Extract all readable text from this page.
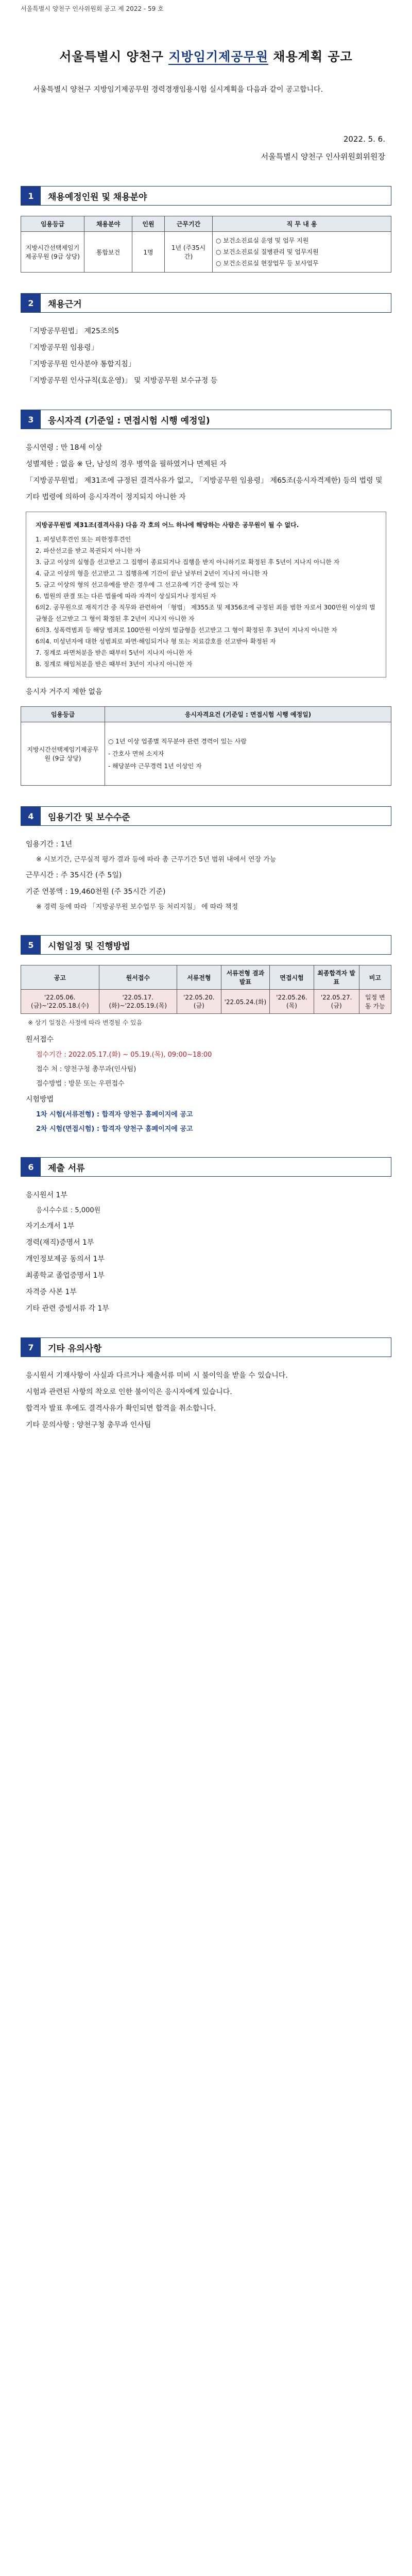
서울특별시 양천구 인사위원회 공고 제 2022 - 59 호
서울특별시 양천구 지방임기제공무원 채용계획 공고
서울특별시 양천구 지방임기제공무원 경력경쟁임용시험 실시계획을 다음과 같이 공고합니다.
2022. 5. 6.
서울특별시 양천구 인사위원회위원장
1	채용예정인원 및 채용분야
임용등급	채용분야	인원	근무기간	직 무 내 용
지방시간선택제임기제공무원 (9급 상당)	통합보건	1명	1년 (주35시간)	○ 보건소진료실 운영 및 업무 지원
○ 보건소진료실 질병관리 및 업무지원
○ 보건소진료실 현장업무 등 보사업무
2	채용근거
「지방공무원법」 제25조의5
「지방공무원 임용령」
「지방공무원 인사분야 통합지침」
「지방공무원 인사규칙(호운영)」 및 지방공무원 보수규정 등
3	응시자격 (기준일 : 면접시험 시행 예정일)
응시연령 : 만 18세 이상
성별제한 : 없음 ※ 단, 남성의 경우 병역을 필하였거나 면제된 자
「지방공무원법」 제31조에 규정된 결격사유가 없고, 「지방공무원 임용령」 제65조(응시자격제한) 등의 법령 및 기타 법령에 의하여 응시자격이 정지되지 아니한 자
지방공무원법 제31조(결격사유) 다음 각 호의 어느 하나에 해당하는 사람은 공무원이 될 수 없다.
1. 피성년후견인 또는 피한정후견인
2. 파산선고를 받고 복권되지 아니한 자
3. 금고 이상의 실형을 선고받고 그 집행이 종료되거나 집행을 받지 아니하기로 확정된 후 5년이 지나지 아니한 자
4. 금고 이상의 형을 선고받고 그 집행유예 기간이 끝난 날부터 2년이 지나지 아니한 자
5. 금고 이상의 형의 선고유예를 받은 경우에 그 선고유예 기간 중에 있는 자
6. 법원의 판결 또는 다른 법률에 따라 자격이 상실되거나 정지된 자
6의2. 공무원으로 재직기간 중 직무와 관련하여 「형법」 제355조 및 제356조에 규정된 죄를 범한 자로서 300만원 이상의 벌금형을 선고받고 그 형이 확정된 후 2년이 지나지 아니한 자
6의3. 성폭력범죄 등 해당 범죄로 100만원 이상의 벌금형을 선고받고 그 형이 확정된 후 3년이 지나지 아니한 자
6의4. 미성년자에 대한 성범죄로 파면·해임되거나 형 또는 치료감호를 선고받아 확정된 자
7. 징계로 파면처분을 받은 때부터 5년이 지나지 아니한 자
8. 징계로 해임처분을 받은 때부터 3년이 지나지 아니한 자
응시자 거주지 제한 없음
임용등급	응시자격요건 (기준일 : 면접시험 시행 예정일)
지방시간선택제임기제공무원 (9급 상당)	○ 1년 이상 업종별 직무분야 관련 경력이 있는 사람
- 간호사 면허 소지자
- 해당분야 근무경력 1년 이상인 자
4	임용기간 및 보수수준
임용기간 : 1년
※ 시보기간, 근무실적 평가 결과 등에 따라 총 근무기간 5년 범위 내에서 연장 가능
근무시간 : 주 35시간 (주 5일)
기준 연봉액 : 19,460천원 (주 35시간 기준)
※ 경력 등에 따라 「지방공무원 보수업무 등 처리지침」 에 따라 책정
5	시험일정 및 진행방법
공고	원서접수	서류전형	서류전형 결과발표	면접시험	최종합격자 발표	비고
'22.05.06.(금)~'22.05.18.(수)	'22.05.17.(화)~'22.05.19.(목)	'22.05.20.(금)	'22.05.24.(화)	'22.05.26.(목)	'22.05.27.(금)	일정 변동 가능
※ 상기 일정은 사정에 따라 변경될 수 있음
원서접수
접수기간 : 2022.05.17.(화) ~ 05.19.(목), 09:00~18:00
접수 처 : 양천구청 총무과(인사팀)
접수방법 : 방문 또는 우편접수
시험방법
1차 시험(서류전형) : 합격자 양천구 홈페이지에 공고
2차 시험(면접시험) : 합격자 양천구 홈페이지에 공고
6	제출 서류
응시원서 1부
응시수수료 : 5,000원
자기소개서 1부
경력(재직)증명서 1부
개인정보제공 동의서 1부
최종학교 졸업증명서 1부
자격증 사본 1부
기타 관련 증빙서류 각 1부
7	기타 유의사항
응시원서 기재사항이 사실과 다르거나 제출서류 미비 시 불이익을 받을 수 있습니다.
시험과 관련된 사항의 착오로 인한 불이익은 응시자에게 있습니다.
합격자 발표 후에도 결격사유가 확인되면 합격을 취소합니다.
기타 문의사항 : 양천구청 총무과 인사팀
